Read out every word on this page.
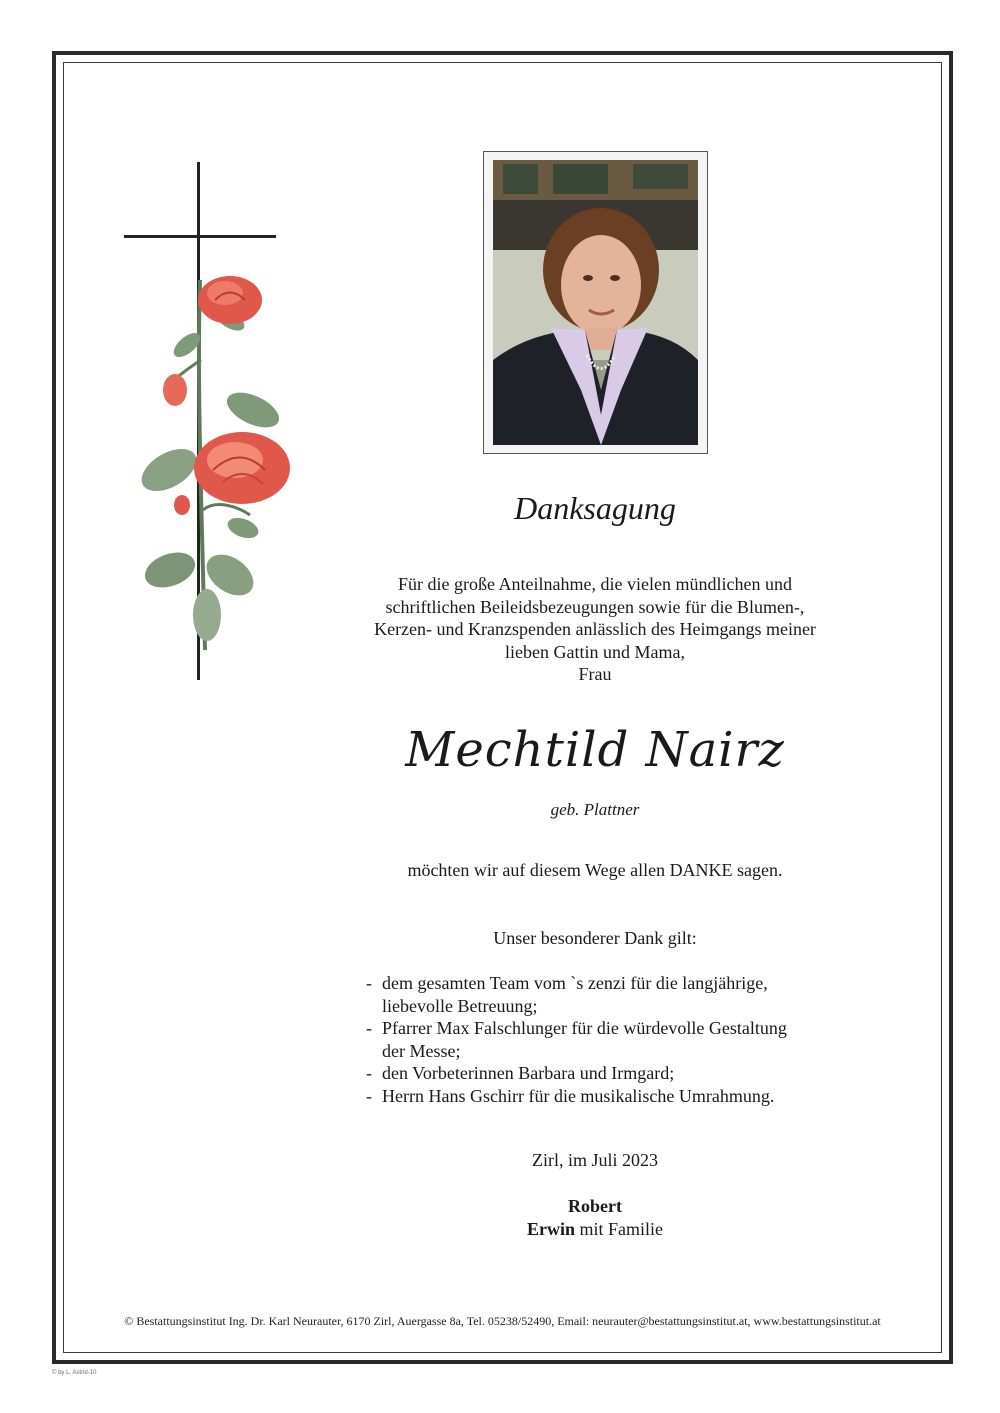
Danksagung

Für die große Anteilnahme, die vielen mündlichen und
schriftlichen Beileidsbezeugungen sowie für die Blumen-,
Kerzen- und Kranzspenden anlässlich des Heimgangs meiner
lieben Gattin und Mama,
Frau

Mechtild Nairz
geb. Plattner

möchten wir auf diesem Wege allen DANKE sagen.

Unser besonderer Dank gilt:

- dem gesamten Team vom `s zenzi für die langjährige,
liebevolle Betreuung;
- Pfarrer Max Falschlunger für die würdevolle Gestaltung
der Messe;
- den Vorbeterinnen Barbara und Irmgard;
- Herrn Hans Gschirr für die musikalische Umrahmung.

Zirl, im Juli 2023

Robert
Erwin mit Familie

© Bestattungsinstitut Ing. Dr. Karl Neurauter, 6170 Zirl, Auergasse 8a, Tel. 05238/52490, Email: neurauter@bestattungsinstitut.at, www.bestattungsinstitut.at
© by L. Astrid-10
